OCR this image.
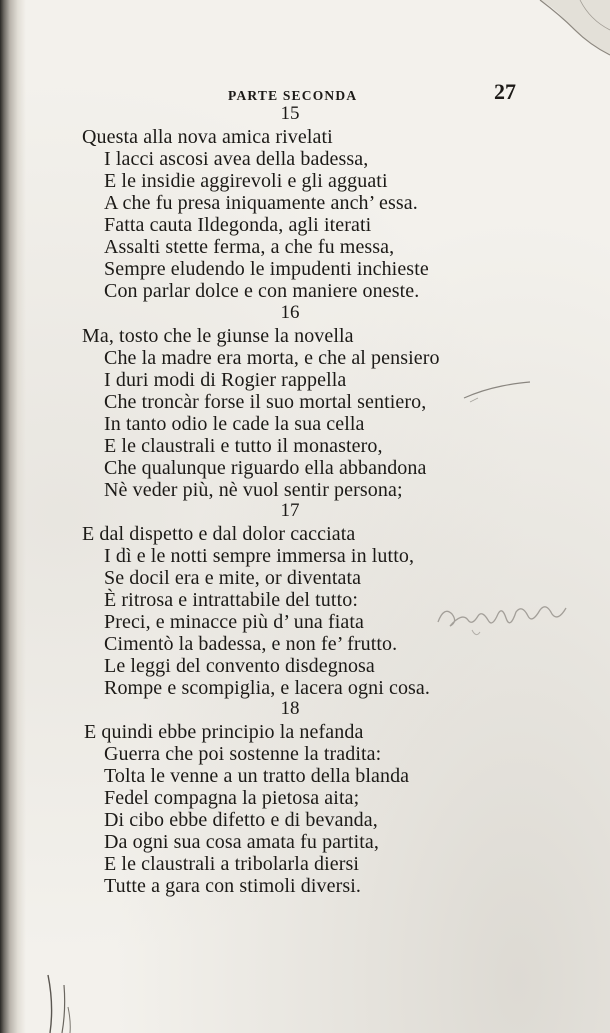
PARTE SECONDA	27
15
Questa alla nova amica rivelati
I lacci ascosi avea della badessa,
E le insidie aggirevoli e gli agguati
A che fu presa iniquamente anch’ essa.
Fatta cauta Ildegonda, agli iterati
Assalti stette ferma, a che fu messa,
Sempre eludendo le impudenti inchieste
Con parlar dolce e con maniere oneste.
16
Ma, tosto che le giunse la novella
Che la madre era morta, e che al pensiero
I duri modi di Rogier rappella
Che troncàr forse il suo mortal sentiero,
In tanto odio le cade la sua cella
E le claustrali e tutto il monastero,
Che qualunque riguardo ella abbandona
Nè veder più, nè vuol sentir persona;
17
E dal dispetto e dal dolor cacciata
I dì e le notti sempre immersa in lutto,
Se docil era e mite, or diventata
È ritrosa e intrattabile del tutto:
Preci, e minacce più d’ una fiata
Cimentò la badessa, e non fe’ frutto.
Le leggi del convento disdegnosa
Rompe e scompiglia, e lacera ogni cosa.
18
E quindi ebbe principio la nefanda
Guerra che poi sostenne la tradita:
Tolta le venne a un tratto della blanda
Fedel compagna la pietosa aita;
Di cibo ebbe difetto e di bevanda,
Da ogni sua cosa amata fu partita,
E le claustrali a tribolarla diersi
Tutte a gara con stimoli diversi.
